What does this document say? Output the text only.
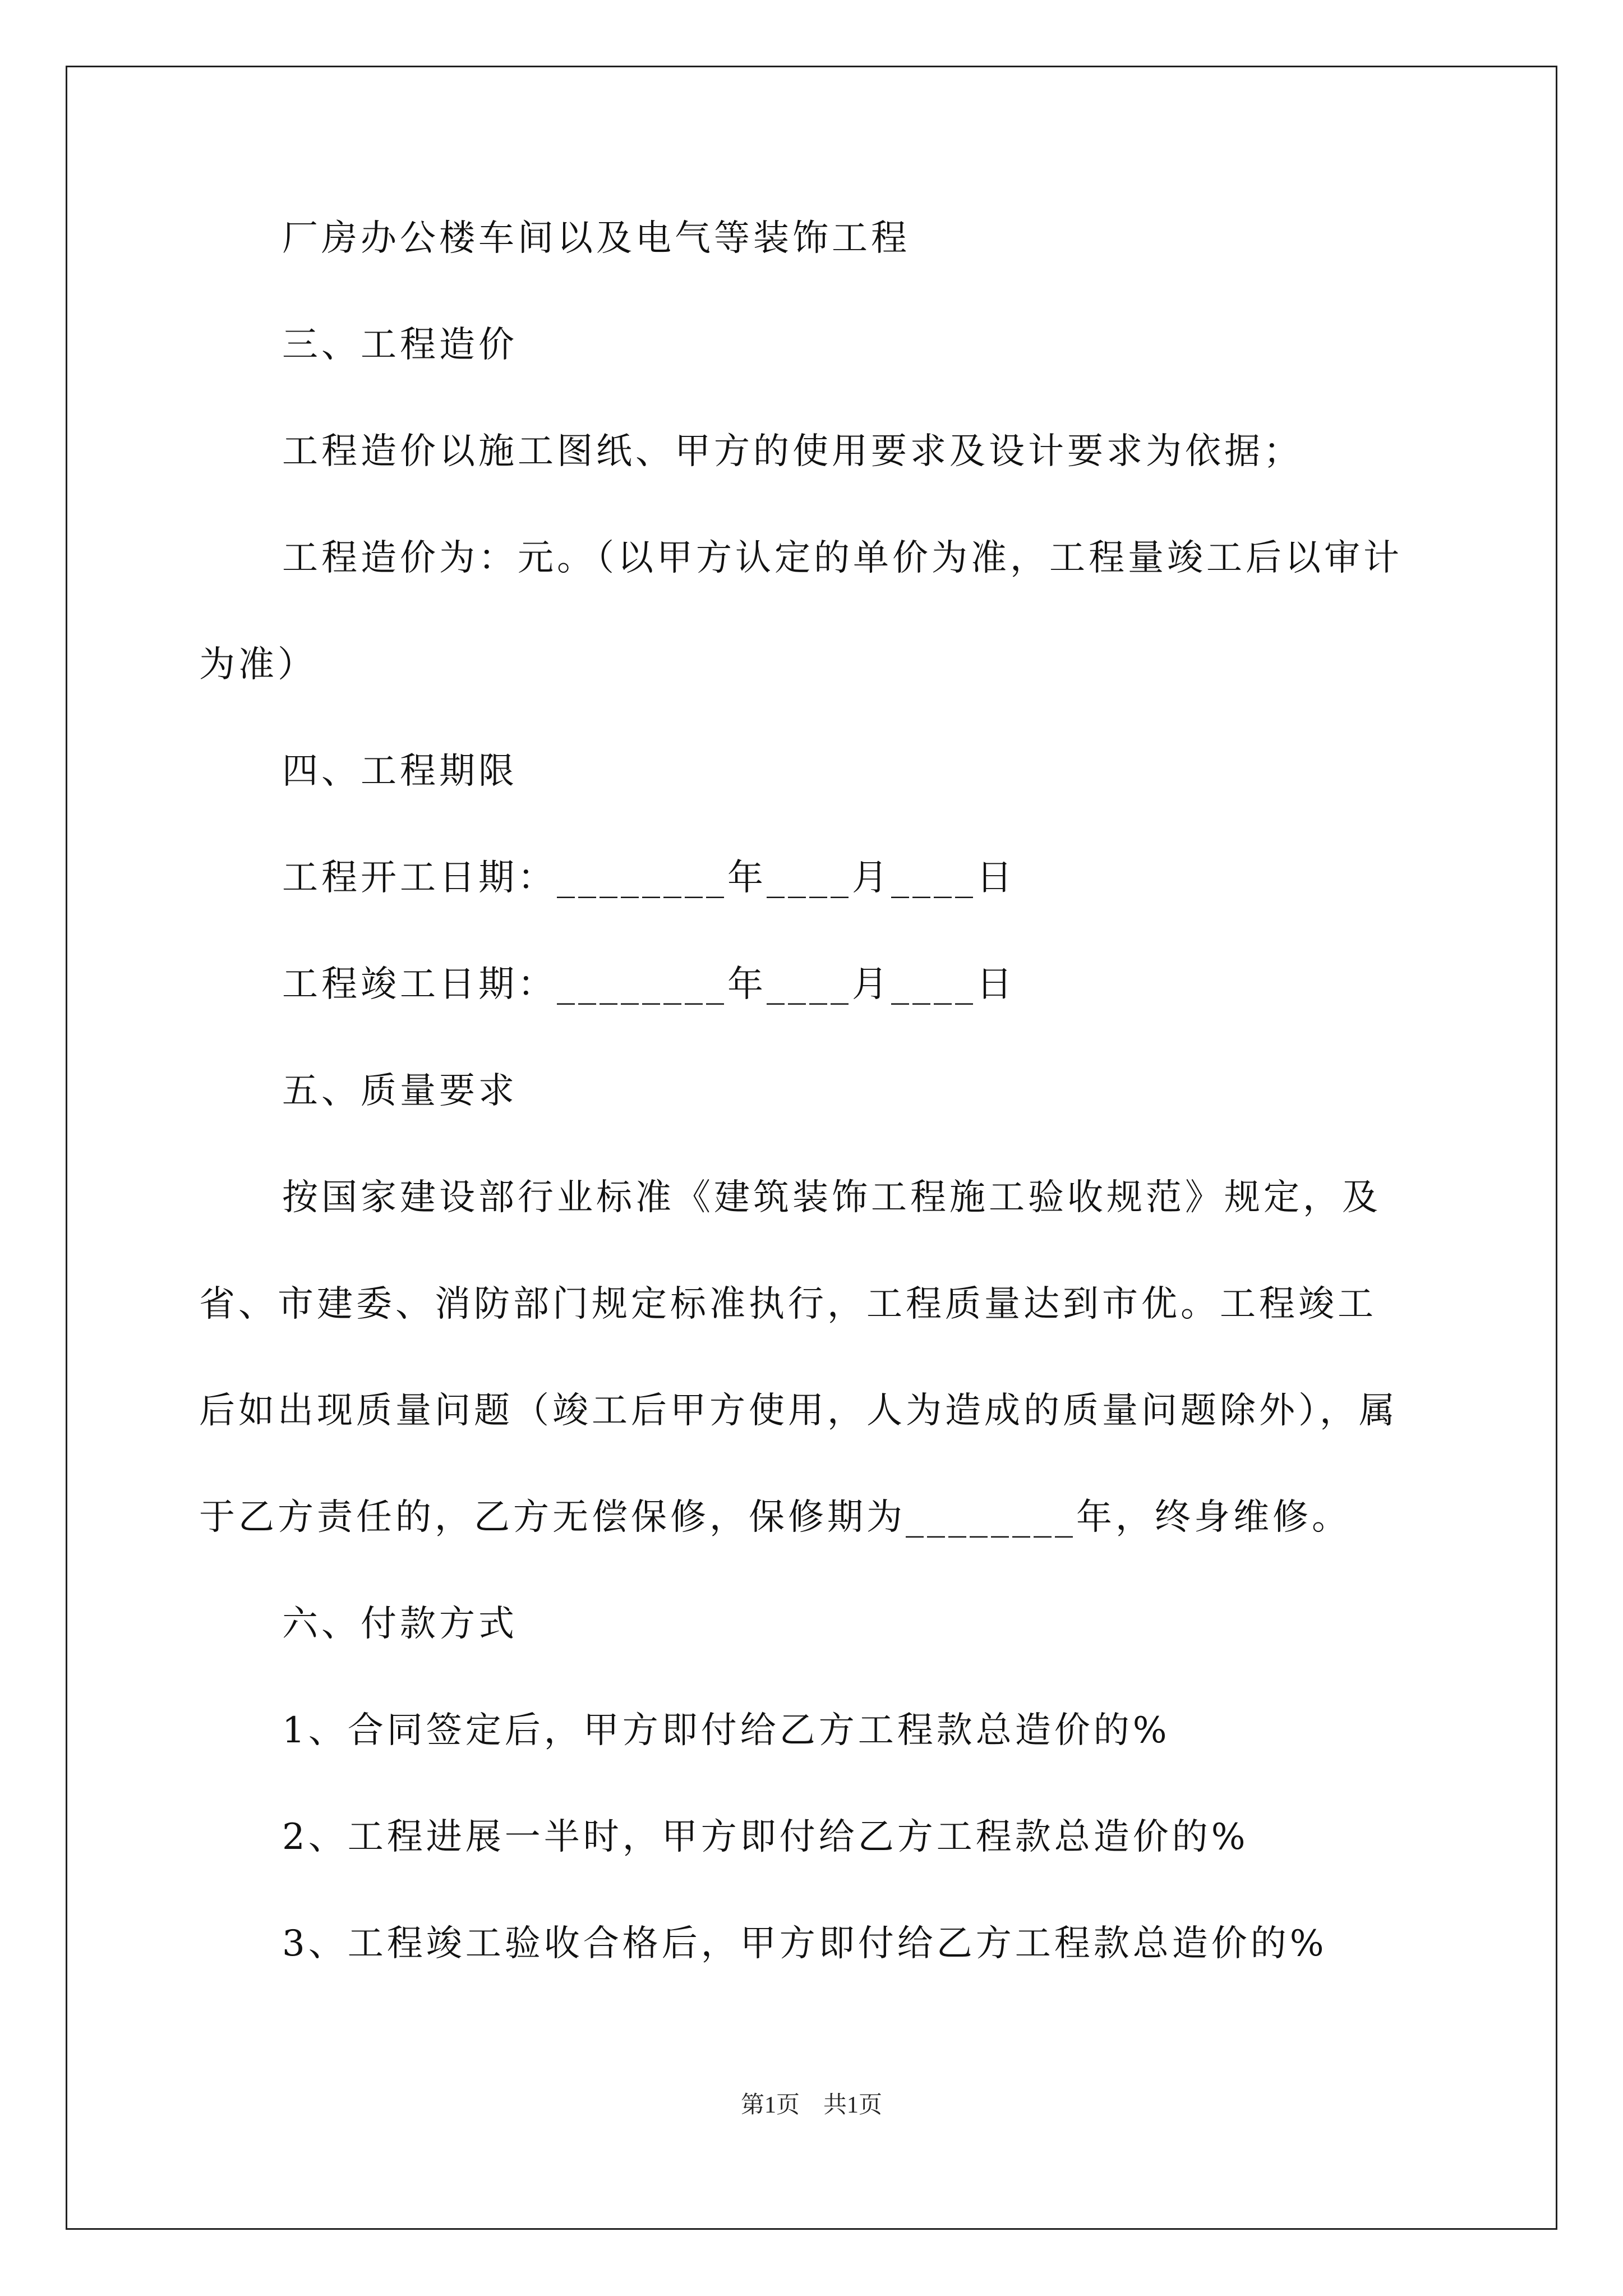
厂房办公楼车间以及电气等装饰工程
三、工程造价
工程造价以施工图纸、甲方的使用要求及设计要求为依据；
工程造价为：元。（以甲方认定的单价为准，工程量竣工后以审计
为准）
四、工程期限
工程开工日期：________年____月____日
工程竣工日期：________年____月____日
五、质量要求
按国家建设部行业标准《建筑装饰工程施工验收规范》规定，及
省、市建委、消防部门规定标准执行，工程质量达到市优。工程竣工
后如出现质量问题（竣工后甲方使用，人为造成的质量问题除外），属
于乙方责任的，乙方无偿保修，保修期为________年，终身维修。
六、付款方式
1、合同签定后，甲方即付给乙方工程款总造价的%
2、工程进展一半时，甲方即付给乙方工程款总造价的%
3、工程竣工验收合格后，甲方即付给乙方工程款总造价的%
第1页　共1页
